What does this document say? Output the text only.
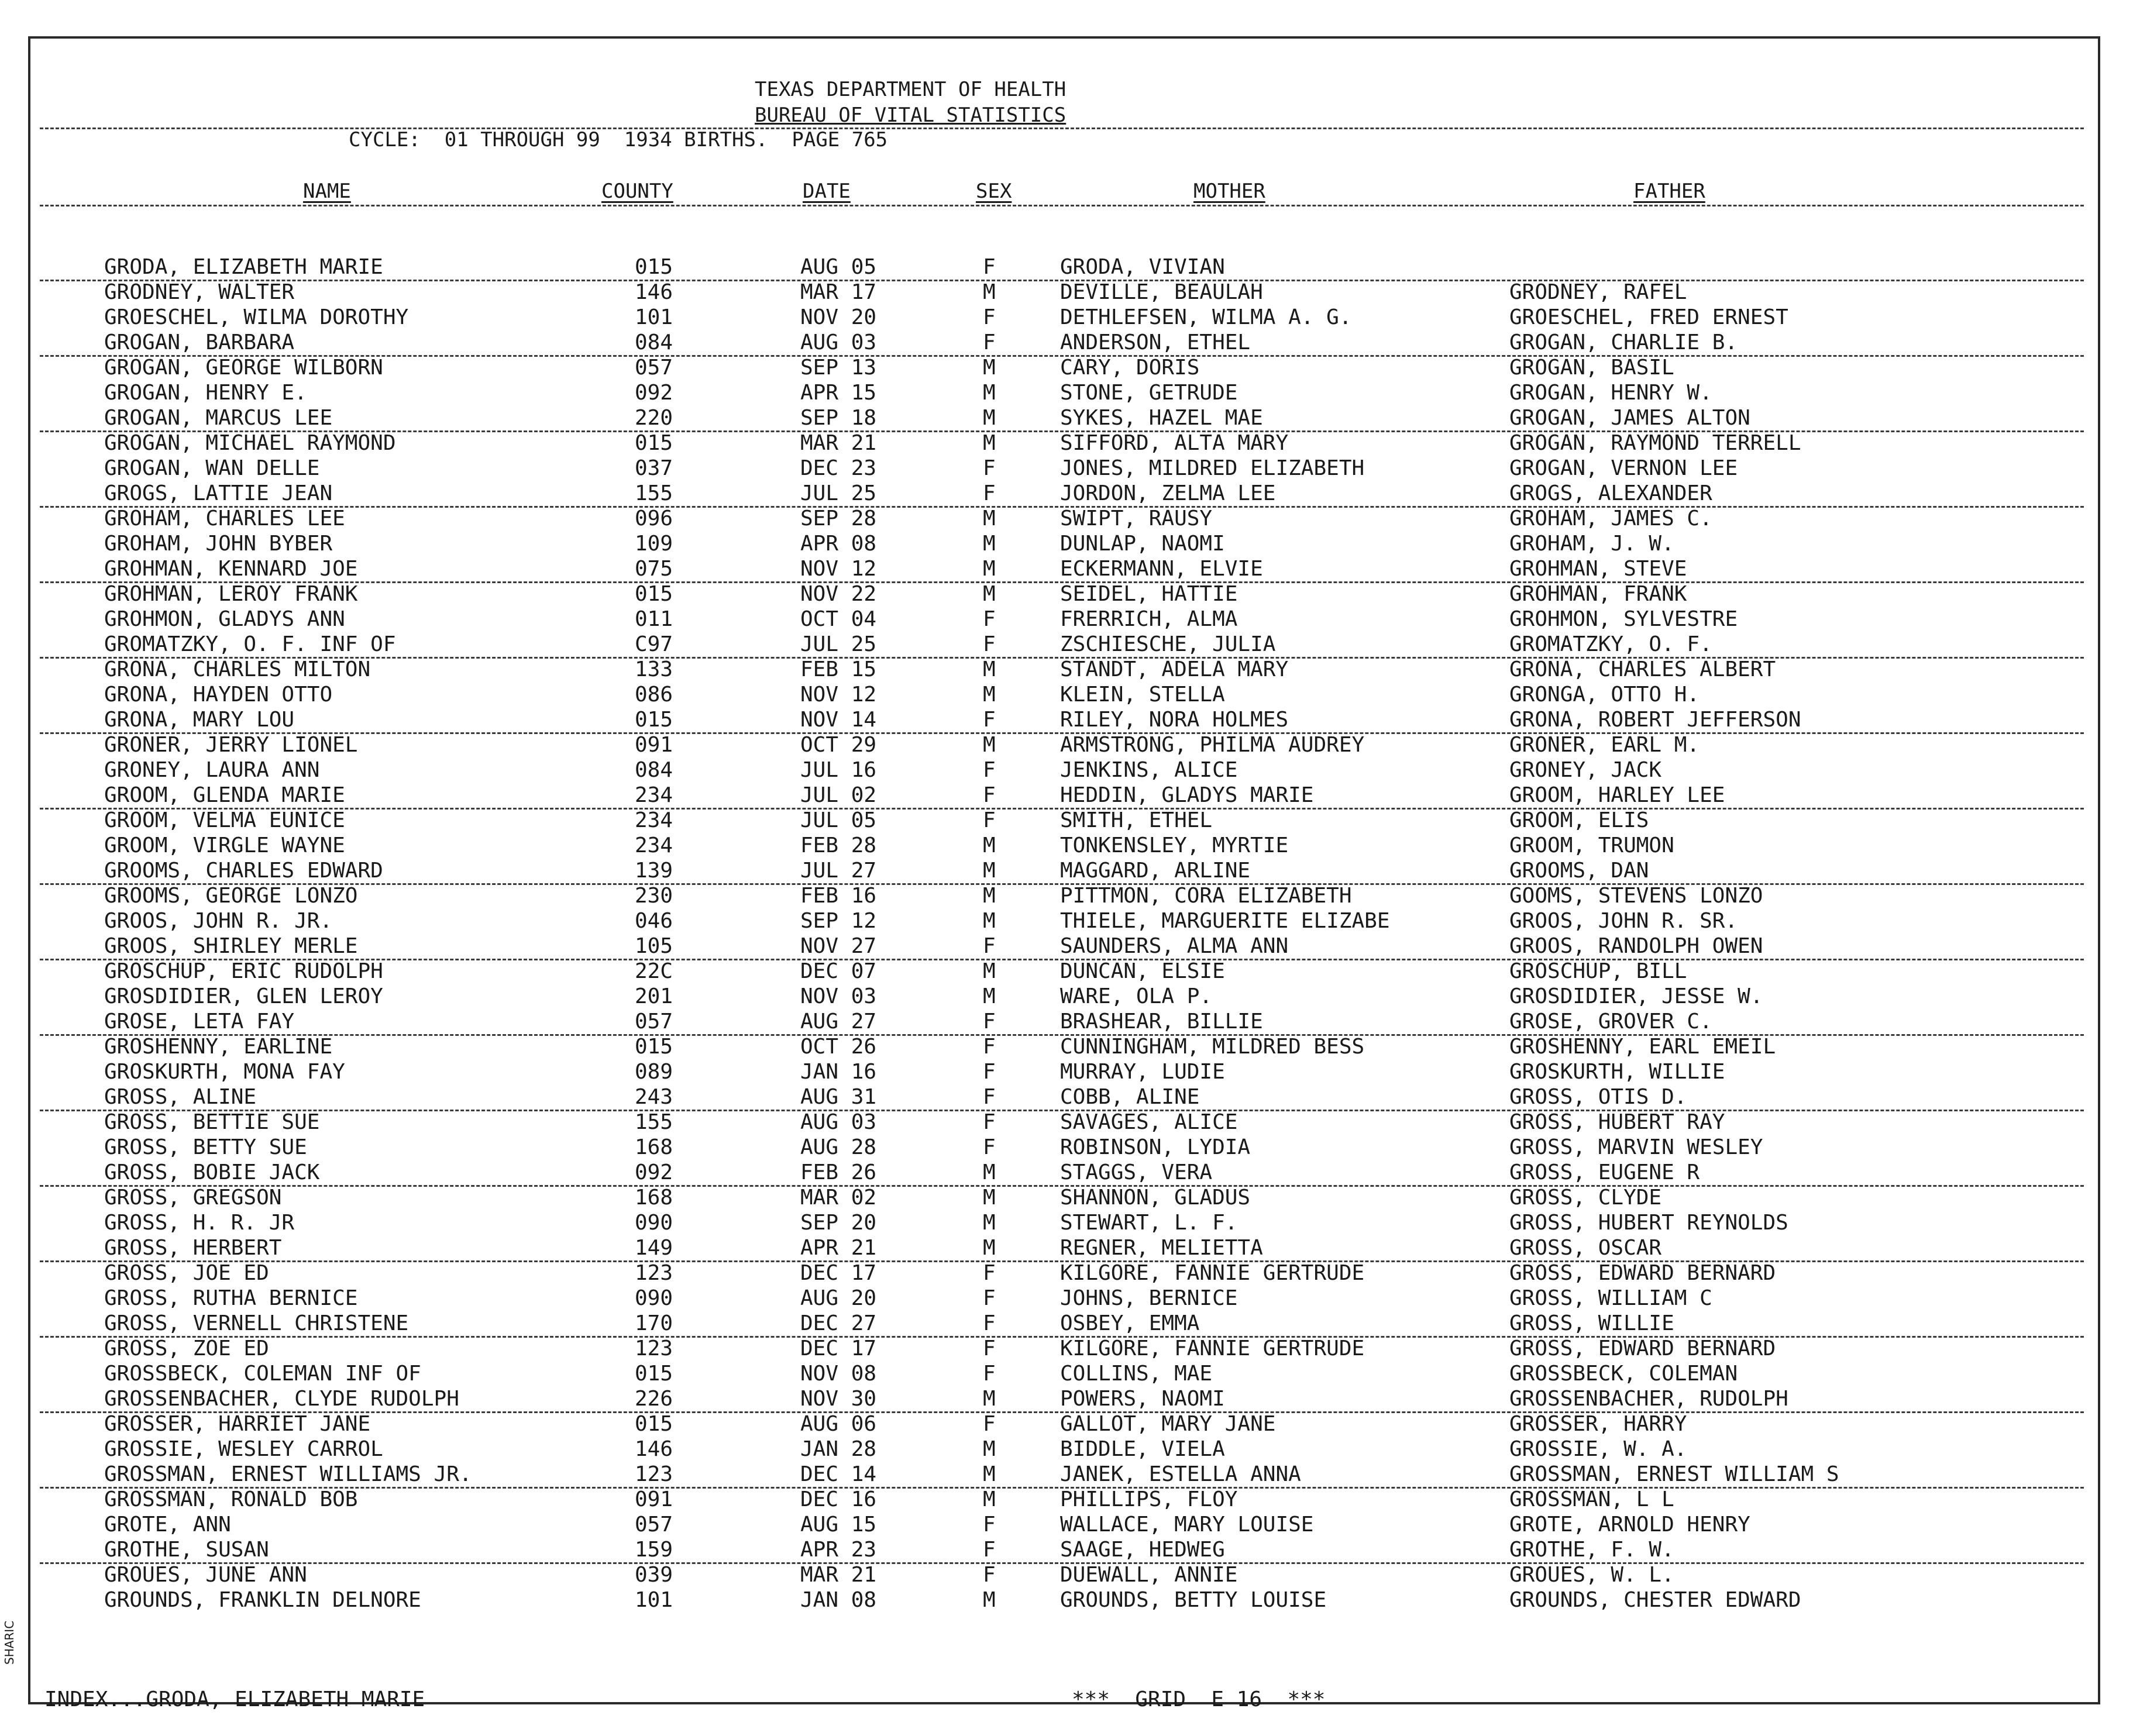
TEXAS DEPARTMENT OF HEALTH
BUREAU OF VITAL STATISTICS
CYCLE:  01 THROUGH 99  1934 BIRTHS.  PAGE 765
NAME	COUNTY	DATE	SEX	MOTHER	FATHER
GRODA, ELIZABETH MARIE	015	AUG 05	F	GRODA, VIVIAN
GRODNEY, WALTER	146	MAR 17	M	DEVILLE, BEAULAH	GRODNEY, RAFEL
GROESCHEL, WILMA DOROTHY	101	NOV 20	F	DETHLEFSEN, WILMA A. G.	GROESCHEL, FRED ERNEST
GROGAN, BARBARA	084	AUG 03	F	ANDERSON, ETHEL	GROGAN, CHARLIE B.
GROGAN, GEORGE WILBORN	057	SEP 13	M	CARY, DORIS	GROGAN, BASIL
GROGAN, HENRY E.	092	APR 15	M	STONE, GETRUDE	GROGAN, HENRY W.
GROGAN, MARCUS LEE	220	SEP 18	M	SYKES, HAZEL MAE	GROGAN, JAMES ALTON
GROGAN, MICHAEL RAYMOND	015	MAR 21	M	SIFFORD, ALTA MARY	GROGAN, RAYMOND TERRELL
GROGAN, WAN DELLE	037	DEC 23	F	JONES, MILDRED ELIZABETH	GROGAN, VERNON LEE
GROGS, LATTIE JEAN	155	JUL 25	F	JORDON, ZELMA LEE	GROGS, ALEXANDER
GROHAM, CHARLES LEE	096	SEP 28	M	SWIPT, RAUSY	GROHAM, JAMES C.
GROHAM, JOHN BYBER	109	APR 08	M	DUNLAP, NAOMI	GROHAM, J. W.
GROHMAN, KENNARD JOE	075	NOV 12	M	ECKERMANN, ELVIE	GROHMAN, STEVE
GROHMAN, LEROY FRANK	015	NOV 22	M	SEIDEL, HATTIE	GROHMAN, FRANK
GROHMON, GLADYS ANN	011	OCT 04	F	FRERRICH, ALMA	GROHMON, SYLVESTRE
GROMATZKY, O. F. INF OF	C97	JUL 25	F	ZSCHIESCHE, JULIA	GROMATZKY, O. F.
GRONA, CHARLES MILTON	133	FEB 15	M	STANDT, ADELA MARY	GRONA, CHARLES ALBERT
GRONA, HAYDEN OTTO	086	NOV 12	M	KLEIN, STELLA	GRONGA, OTTO H.
GRONA, MARY LOU	015	NOV 14	F	RILEY, NORA HOLMES	GRONA, ROBERT JEFFERSON
GRONER, JERRY LIONEL	091	OCT 29	M	ARMSTRONG, PHILMA AUDREY	GRONER, EARL M.
GRONEY, LAURA ANN	084	JUL 16	F	JENKINS, ALICE	GRONEY, JACK
GROOM, GLENDA MARIE	234	JUL 02	F	HEDDIN, GLADYS MARIE	GROOM, HARLEY LEE
GROOM, VELMA EUNICE	234	JUL 05	F	SMITH, ETHEL	GROOM, ELIS
GROOM, VIRGLE WAYNE	234	FEB 28	M	TONKENSLEY, MYRTIE	GROOM, TRUMON
GROOMS, CHARLES EDWARD	139	JUL 27	M	MAGGARD, ARLINE	GROOMS, DAN
GROOMS, GEORGE LONZO	230	FEB 16	M	PITTMON, CORA ELIZABETH	GOOMS, STEVENS LONZO
GROOS, JOHN R. JR.	046	SEP 12	M	THIELE, MARGUERITE ELIZABE	GROOS, JOHN R. SR.
GROOS, SHIRLEY MERLE	105	NOV 27	F	SAUNDERS, ALMA ANN	GROOS, RANDOLPH OWEN
GROSCHUP, ERIC RUDOLPH	22C	DEC 07	M	DUNCAN, ELSIE	GROSCHUP, BILL
GROSDIDIER, GLEN LEROY	201	NOV 03	M	WARE, OLA P.	GROSDIDIER, JESSE W.
GROSE, LETA FAY	057	AUG 27	F	BRASHEAR, BILLIE	GROSE, GROVER C.
GROSHENNY, EARLINE	015	OCT 26	F	CUNNINGHAM, MILDRED BESS	GROSHENNY, EARL EMEIL
GROSKURTH, MONA FAY	089	JAN 16	F	MURRAY, LUDIE	GROSKURTH, WILLIE
GROSS, ALINE	243	AUG 31	F	COBB, ALINE	GROSS, OTIS D.
GROSS, BETTIE SUE	155	AUG 03	F	SAVAGES, ALICE	GROSS, HUBERT RAY
GROSS, BETTY SUE	168	AUG 28	F	ROBINSON, LYDIA	GROSS, MARVIN WESLEY
GROSS, BOBIE JACK	092	FEB 26	M	STAGGS, VERA	GROSS, EUGENE R
GROSS, GREGSON	168	MAR 02	M	SHANNON, GLADUS	GROSS, CLYDE
GROSS, H. R. JR	090	SEP 20	M	STEWART, L. F.	GROSS, HUBERT REYNOLDS
GROSS, HERBERT	149	APR 21	M	REGNER, MELIETTA	GROSS, OSCAR
GROSS, JOE ED	123	DEC 17	F	KILGORE, FANNIE GERTRUDE	GROSS, EDWARD BERNARD
GROSS, RUTHA BERNICE	090	AUG 20	F	JOHNS, BERNICE	GROSS, WILLIAM C
GROSS, VERNELL CHRISTENE	170	DEC 27	F	OSBEY, EMMA	GROSS, WILLIE
GROSS, ZOE ED	123	DEC 17	F	KILGORE, FANNIE GERTRUDE	GROSS, EDWARD BERNARD
GROSSBECK, COLEMAN INF OF	015	NOV 08	F	COLLINS, MAE	GROSSBECK, COLEMAN
GROSSENBACHER, CLYDE RUDOLPH	226	NOV 30	M	POWERS, NAOMI	GROSSENBACHER, RUDOLPH
GROSSER, HARRIET JANE	015	AUG 06	F	GALLOT, MARY JANE	GROSSER, HARRY
GROSSIE, WESLEY CARROL	146	JAN 28	M	BIDDLE, VIELA	GROSSIE, W. A.
GROSSMAN, ERNEST WILLIAMS JR.	123	DEC 14	M	JANEK, ESTELLA ANNA	GROSSMAN, ERNEST WILLIAM S
GROSSMAN, RONALD BOB	091	DEC 16	M	PHILLIPS, FLOY	GROSSMAN, L L
GROTE, ANN	057	AUG 15	F	WALLACE, MARY LOUISE	GROTE, ARNOLD HENRY
GROTHE, SUSAN	159	APR 23	F	SAAGE, HEDWEG	GROTHE, F. W.
GROUES, JUNE ANN	039	MAR 21	F	DUEWALL, ANNIE	GROUES, W. L.
GROUNDS, FRANKLIN DELNORE	101	JAN 08	M	GROUNDS, BETTY LOUISE	GROUNDS, CHESTER EDWARD
SHARIC
INDEX...GRODA, ELIZABETH MARIE	***  GRID  E 16  ***
